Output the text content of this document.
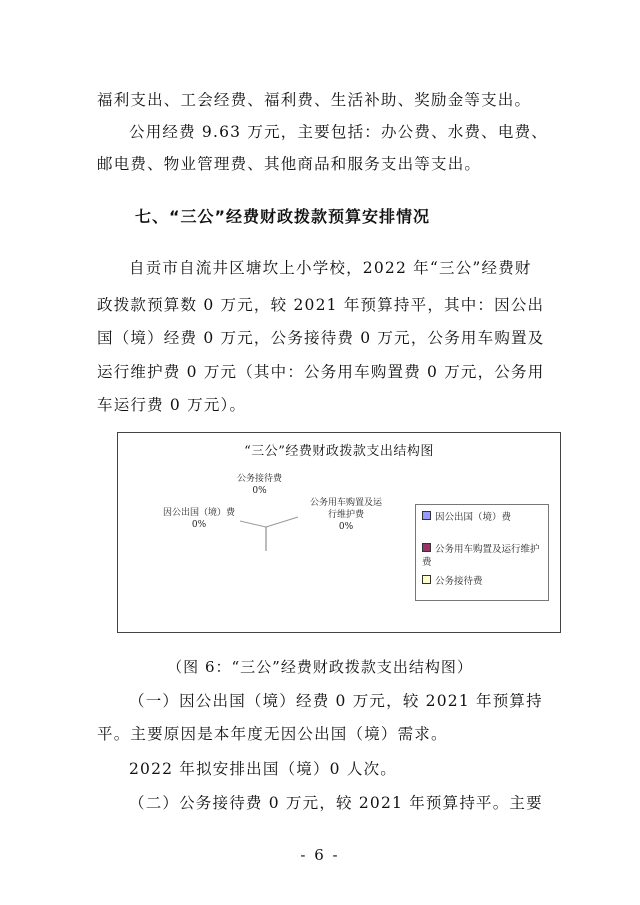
福利支出、工会经费、福利费、生活补助、奖励金等支出。
公用经费 9.63 万元，主要包括：办公费、水费、电费、
邮电费、物业管理费、其他商品和服务支出等支出。
七、“三公”经费财政拨款预算安排情况
自贡市自流井区塘坎上小学校，2022 年“三公”经费财
政拨款预算数 0 万元，较 2021 年预算持平，其中：因公出
国（境）经费 0 万元，公务接待费 0 万元，公务用车购置及
运行维护费 0 万元（其中：公务用车购置费 0 万元，公务用
车运行费 0 万元）。
“三公”经费财政拨款支出结构图
公务接待费
0%
因公出国（境）费
0%
公务用车购置及运
行维护费
0%
因公出国（境）费
公务用车购置及运行维护
费
公务接待费
（图 6：“三公”经费财政拨款支出结构图）
（一）因公出国（境）经费 0 万元，较 2021 年预算持
平。主要原因是本年度无因公出国（境）需求。
2022 年拟安排出国（境）0 人次。
（二）公务接待费 0 万元，较 2021 年预算持平。主要
- 6 -
